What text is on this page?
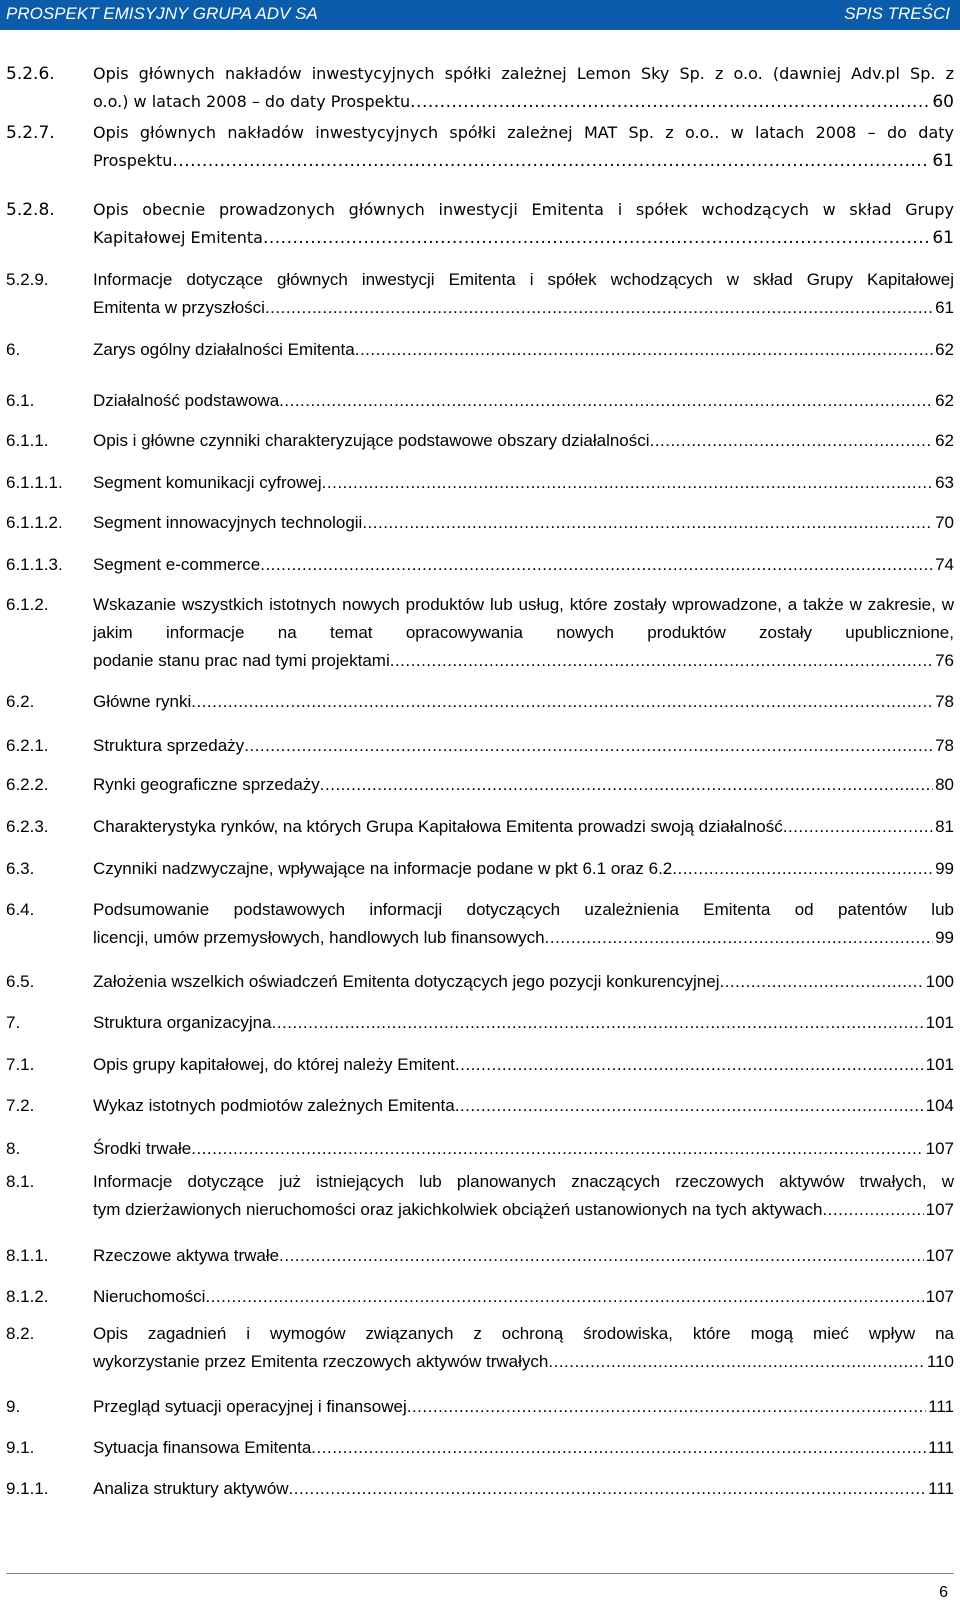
PROSPEKT EMISYJNY GRUPA ADV SA	SPIS TREŚCI
5.2.6. Opis głównych nakładów inwestycyjnych spółki zależnej Lemon Sky Sp. z o.o. (dawniej Adv.pl Sp. z
o.o.) w latach 2008 – do daty Prospektu .....	60
5.2.7. Opis głównych nakładów inwestycyjnych spółki zależnej MAT Sp. z o.o.. w latach 2008 – do daty
Prospektu .....	61
5.2.8. Opis obecnie prowadzonych głównych inwestycji Emitenta i spółek wchodzących w skład Grupy
Kapitałowej Emitenta .....	61
5.2.9.	Informacje dotyczące głównych inwestycji Emitenta i spółek wchodzących w skład Grupy Kapitałowej
Emitenta w przyszłości .....	61
6.	Zarys ogólny działalności Emitenta .....	62
6.1.	Działalność podstawowa .....	62
6.1.1.	Opis i główne czynniki charakteryzujące podstawowe obszary działalności .....	62
6.1.1.1. Segment komunikacji cyfrowej .....	63
6.1.1.2. Segment innowacyjnych technologii .....	70
6.1.1.3. Segment e-commerce .....	74
6.1.2.	Wskazanie wszystkich istotnych nowych produktów lub usług, które zostały wprowadzone, a także w zakresie, w jakim informacje na temat opracowywania nowych produktów zostały upublicznione,
podanie stanu prac nad tymi projektami .....	76
6.2.	Główne rynki .....	78
6.2.1.	Struktura sprzedaży .....	78
6.2.2.	Rynki geograficzne sprzedaży .....	80
6.2.3.	Charakterystyka rynków, na których Grupa Kapitałowa Emitenta prowadzi swoją działalność .....	81
6.3.	Czynniki nadzwyczajne, wpływające na informacje podane w pkt 6.1 oraz 6.2 .....	99
6.4.	Podsumowanie podstawowych informacji dotyczących uzależnienia Emitenta od patentów lub
licencji, umów przemysłowych, handlowych lub finansowych .....	99
6.5.	Założenia wszelkich oświadczeń Emitenta dotyczących jego pozycji konkurencyjnej .....	100
7.	Struktura organizacyjna .....	101
7.1.	Opis grupy kapitałowej, do której należy Emitent .....	101
7.2.	Wykaz istotnych podmiotów zależnych Emitenta .....	104
8.	Środki trwałe .....	107
8.1.	Informacje dotyczące już istniejących lub planowanych znaczących rzeczowych aktywów trwałych, w
tym dzierżawionych nieruchomości oraz jakichkolwiek obciążeń ustanowionych na tych aktywach .....	107
8.1.1.	Rzeczowe aktywa trwałe .....	107
8.1.2.	Nieruchomości .....	107
8.2.	Opis zagadnień i wymogów związanych z ochroną środowiska, które mogą mieć wpływ na
wykorzystanie przez Emitenta rzeczowych aktywów trwałych .....	110
9.	Przegląd sytuacji operacyjnej i finansowej .....	111
9.1.	Sytuacja finansowa Emitenta .....	111
9.1.1.	Analiza struktury aktywów .....	111
6
